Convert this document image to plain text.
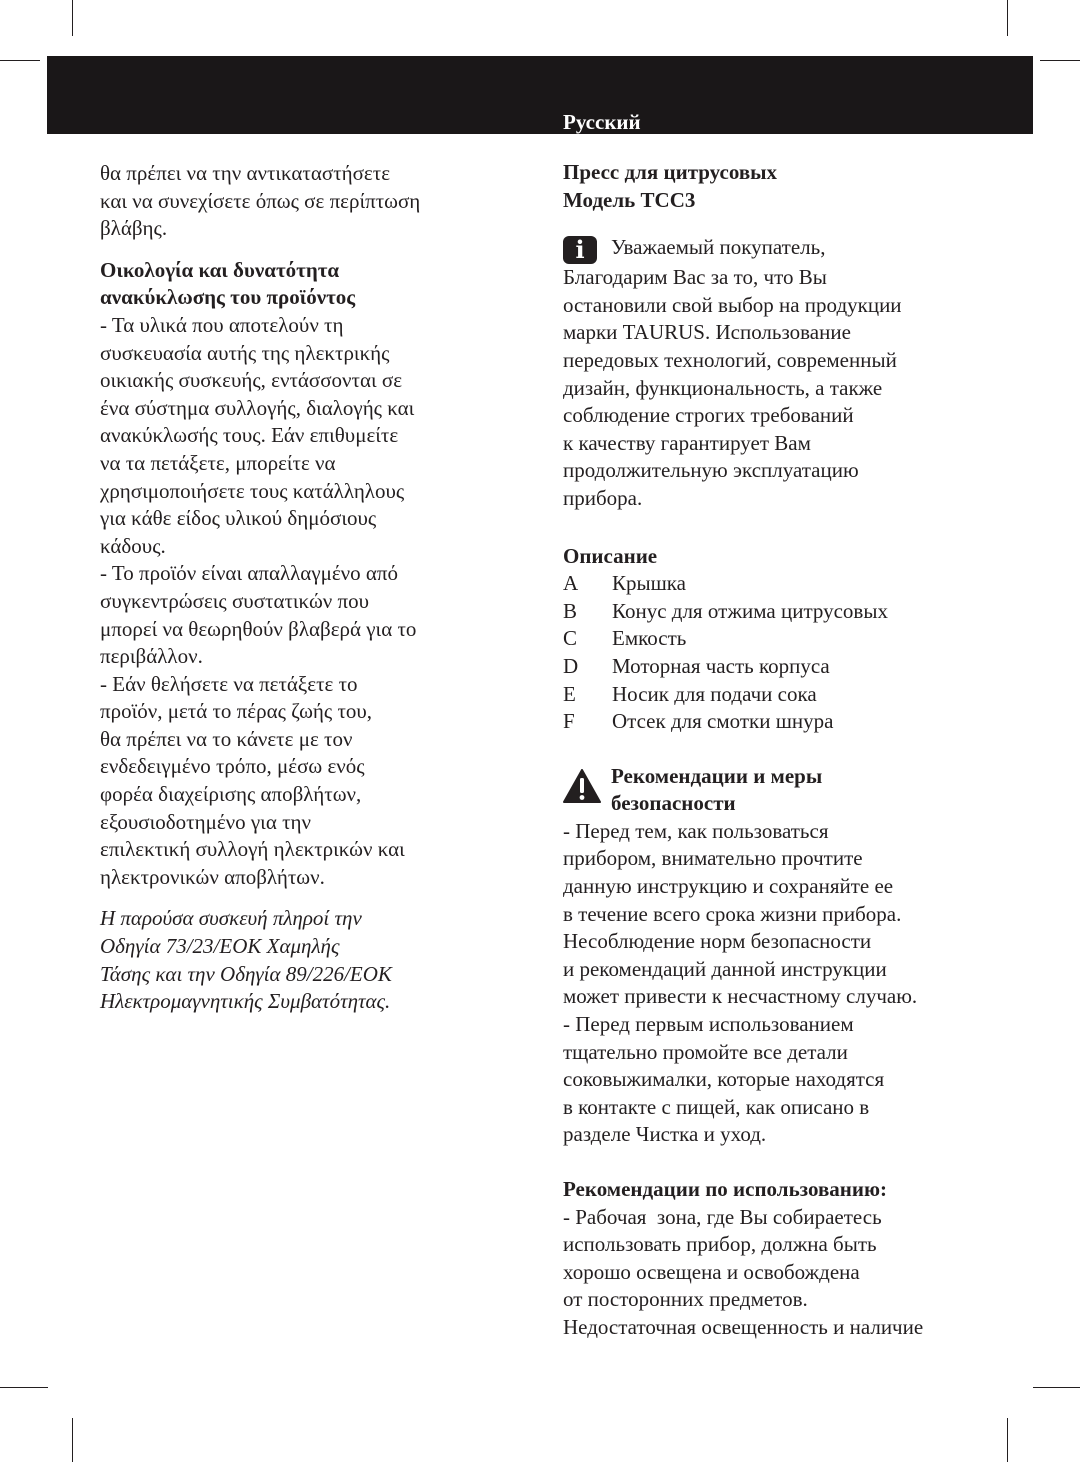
Русский

θα πρέπει να την αντικαταστήσετε

και να συνεχίσετε όπως σε περίπτωση

βλάβης.

Οικολογία και δυνατότητα

ανακύκλωσης του προϊόντος

- Τα υλικά που αποτελούν τη

συσκευασία αυτής της ηλεκτρικής

οικιακής συσκευής, εντάσσονται σε

ένα σύστημα συλλογής, διαλογής και

ανακύκλωσής τους. Εάν επιθυμείτε

να τα πετάξετε, μπορείτε να

χρησιμοποιήσετε τους κατάλληλους

για κάθε είδος υλικού δημόσιους

κάδους.

- Το προϊόν είναι απαλλαγμένο από

συγκεντρώσεις συστατικών που

μπορεί να θεωρηθούν βλαβερά για το

περιβάλλον.

- Εάν θελήσετε να πετάξετε το

προϊόν, μετά το πέρας ζωής του,

θα πρέπει να το κάνετε με τον

ενδεδειγμένο τρόπο, μέσω ενός

φορέα διαχείρισης αποβλήτων,

εξουσιοδοτημένο για την

επιλεκτική συλλογή ηλεκτρικών και

ηλεκτρονικών αποβλήτων.

Η παρούσα συσκευή πληροί την

Οδηγία 73/23/ΕΟΚ Χαμηλής

Τάσης και την Οδηγία 89/226/ΕΟΚ

Ηλεκτρομαγνητικής Συμβατότητας.

Пресс для цитрусовых

Модель TCC3

i Уважаемый покупатель,

Благодарим Вас за то, что Вы

остановили свой выбор на продукции

марки TAURUS. Использование

передовых технологий, современный

дизайн, функциональность, а также

соблюдение строгих требований

к качеству гарантирует Вам

продолжительную эксплуатацию

прибора.

Описание

A	Крышка
B	Конус для отжима цитрусовых
C	Емкость
D	Моторная часть корпуса
E	Носик для подачи сока
F	Отсек для смотки шнура

Рекомендации и меры

безопасности

- Перед тем, как пользоваться

прибором, внимательно прочтите

данную инструкцию и сохраняйте ее

в течение всего срока жизни прибора.

Несоблюдение норм безопасности

и рекомендаций данной инструкции

может привести к несчастному случаю.

- Перед первым использованием

тщательно промойте все детали

соковыжималки, которые находятся

в контакте с пищей, как описано в

разделе Чистка и уход.

Рекомендации по использованию:

- Рабочая  зона, где Вы собираетесь

использовать прибор, должна быть

хорошо освещена и освобождена

от посторонних предметов.

Недостаточная освещенность и наличие
